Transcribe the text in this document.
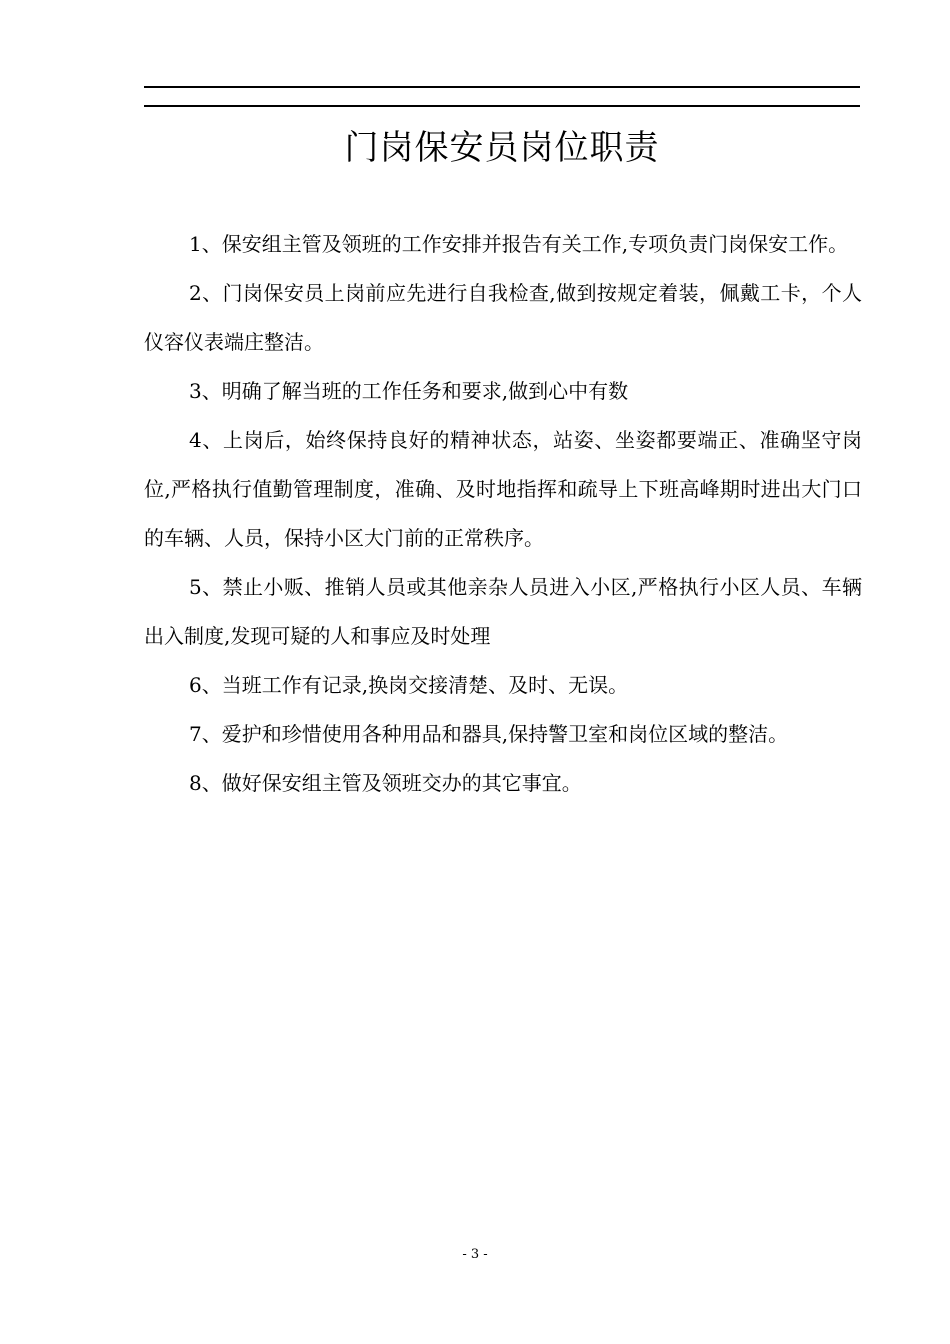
门岗保安员岗位职责

1、保安组主管及领班的工作安排并报告有关工作,专项负责门岗保安工作。

2、门岗保安员上岗前应先进行自我检查,做到按规定着装，佩戴工卡，个人仪容仪表端庄整洁。

3、明确了解当班的工作任务和要求,做到心中有数

4、上岗后，始终保持良好的精神状态，站姿、坐姿都要端正、准确坚守岗位,严格执行值勤管理制度，准确、及时地指挥和疏导上下班高峰期时进出大门口的车辆、人员，保持小区大门前的正常秩序。

5、禁止小贩、推销人员或其他亲杂人员进入小区,严格执行小区人员、车辆出入制度,发现可疑的人和事应及时处理

6、当班工作有记录,换岗交接清楚、及时、无误。

7、爱护和珍惜使用各种用品和器具,保持警卫室和岗位区域的整洁。

8、做好保安组主管及领班交办的其它事宜。

- 3 -
